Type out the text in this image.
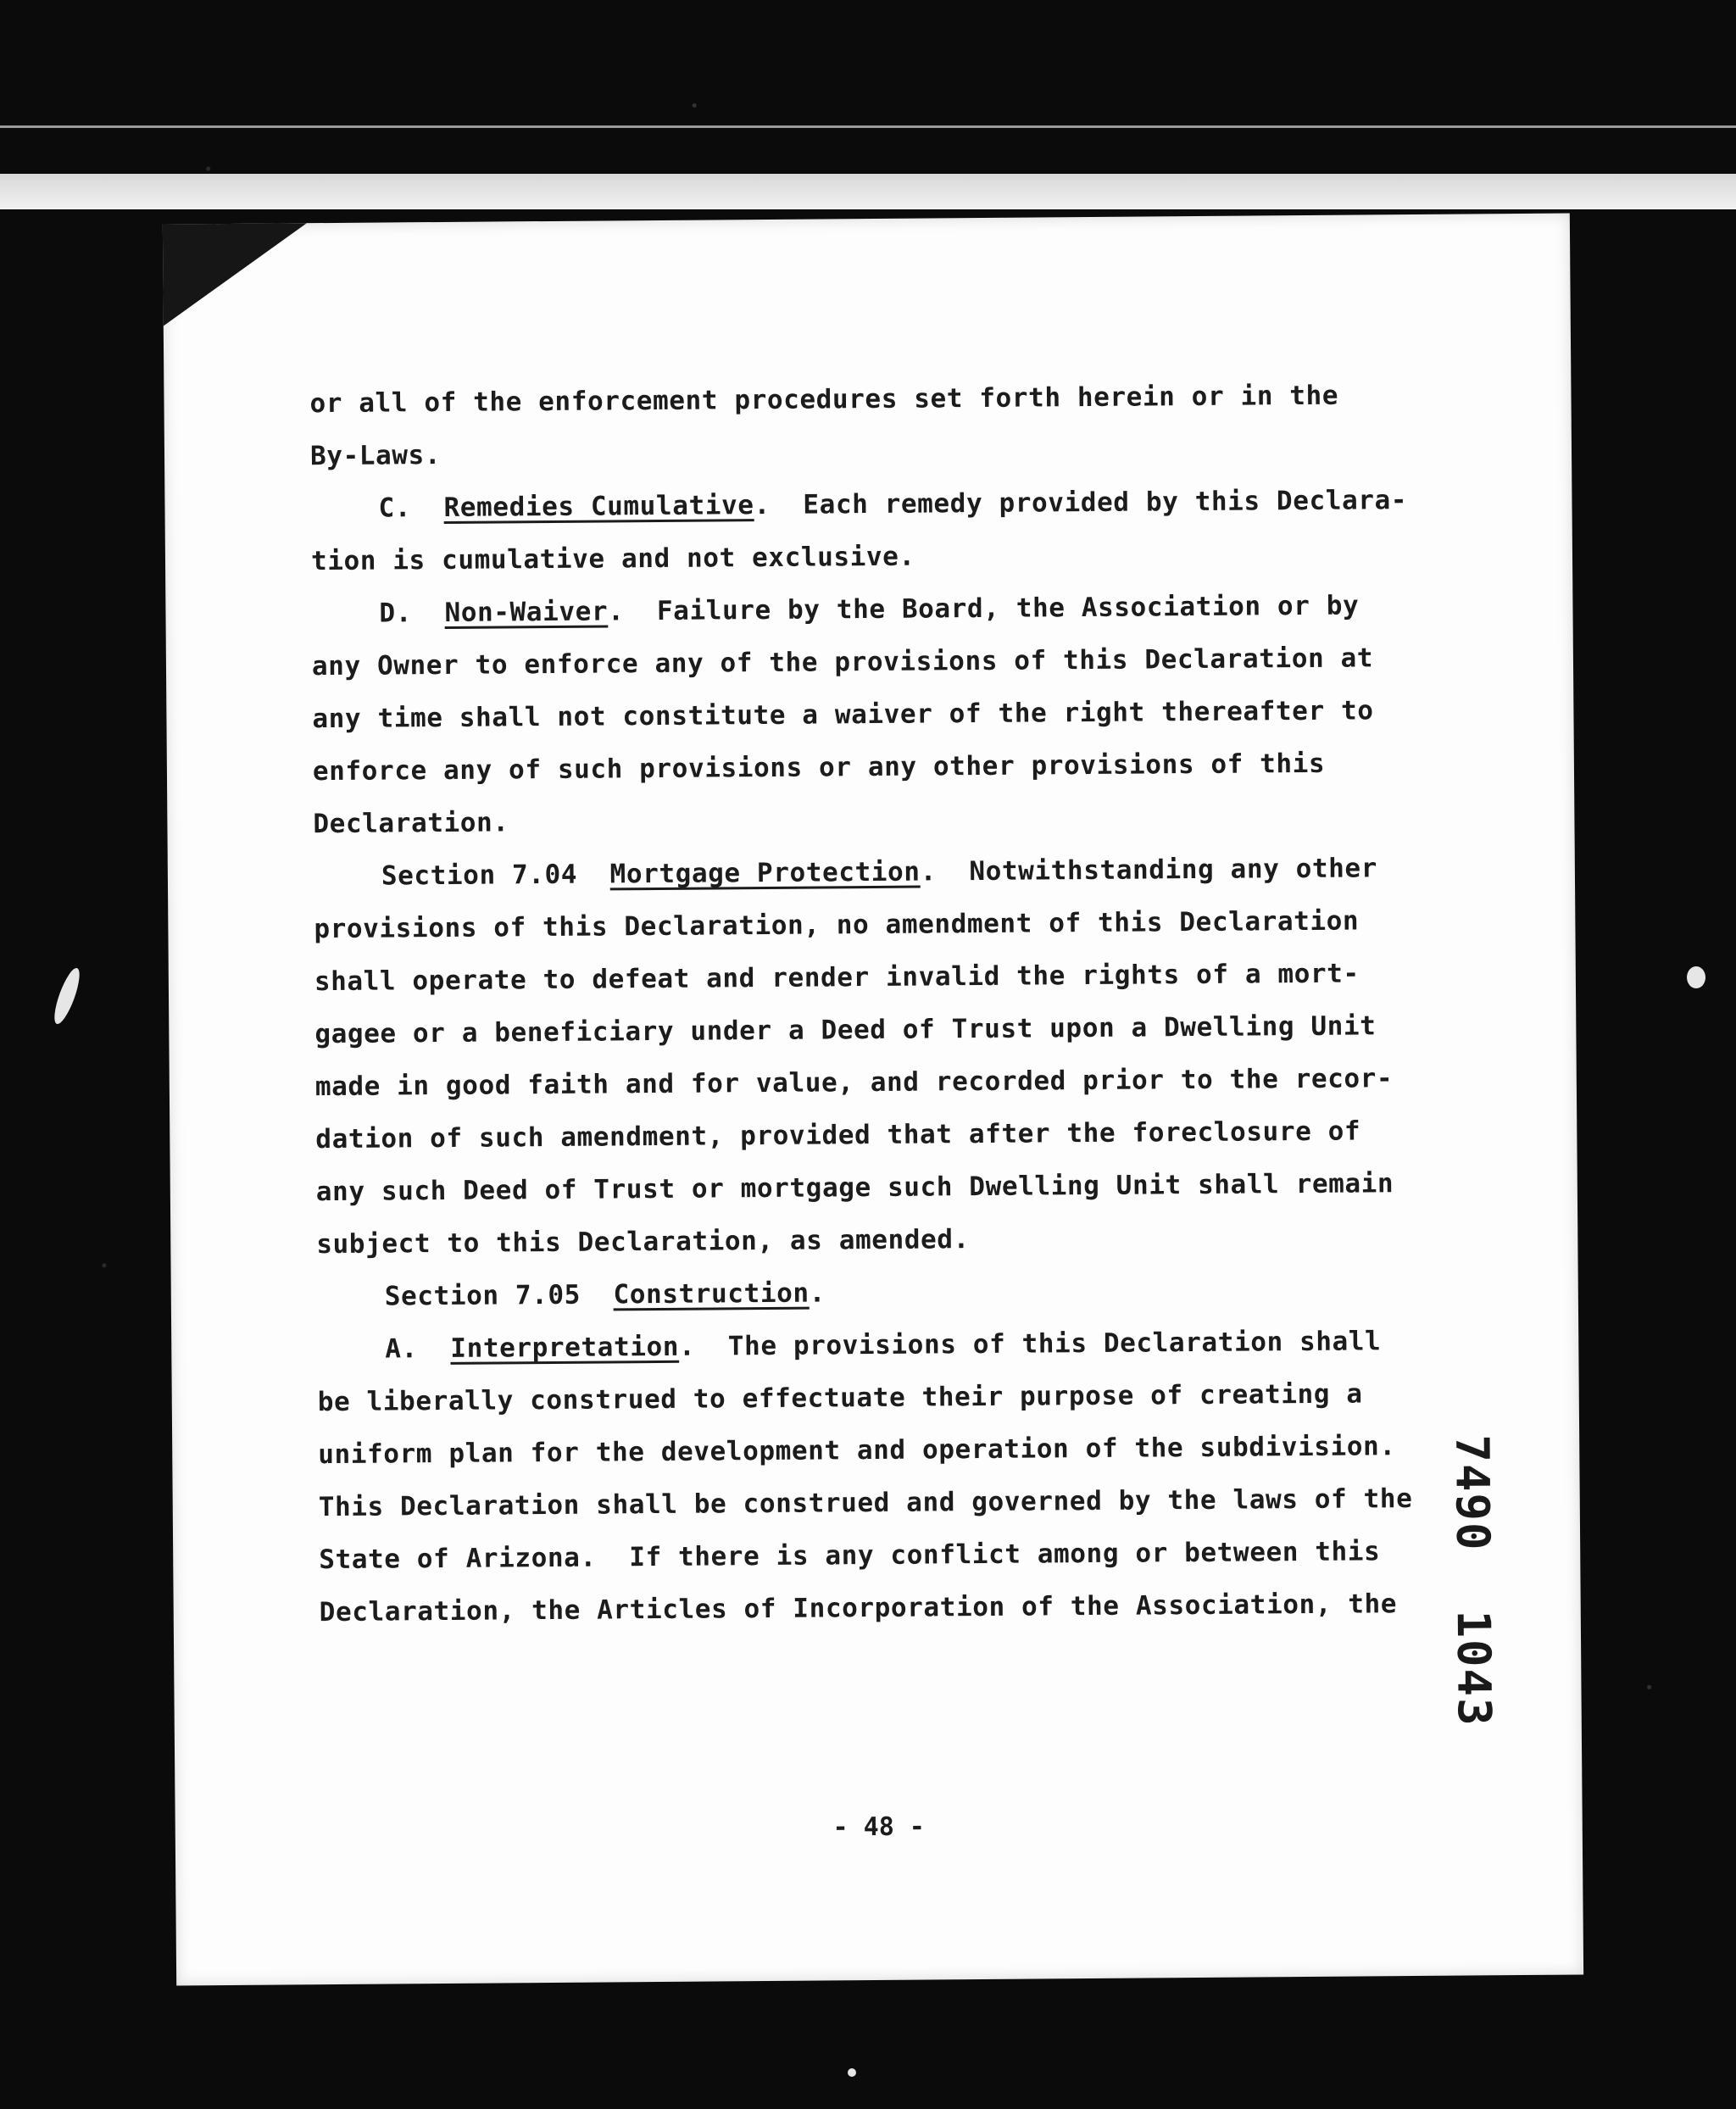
or all of the enforcement procedures set forth herein or in the
By-Laws.
C. Remedies Cumulative.  Each remedy provided by this Declara-
tion is cumulative and not exclusive.
D. Non-Waiver.  Failure by the Board, the Association or by
any Owner to enforce any of the provisions of this Declaration at
any time shall not constitute a waiver of the right thereafter to
enforce any of such provisions or any other provisions of this
Declaration.
Section 7.04 Mortgage Protection.  Notwithstanding any other
provisions of this Declaration, no amendment of this Declaration
shall operate to defeat and render invalid the rights of a mort-
gagee or a beneficiary under a Deed of Trust upon a Dwelling Unit
made in good faith and for value, and recorded prior to the recor-
dation of such amendment, provided that after the foreclosure of
any such Deed of Trust or mortgage such Dwelling Unit shall remain
subject to this Declaration, as amended.
Section 7.05 Construction.
A. Interpretation.  The provisions of this Declaration shall
be liberally construed to effectuate their purpose of creating a
uniform plan for the development and operation of the subdivision.
This Declaration shall be construed and governed by the laws of the
State of Arizona.  If there is any conflict among or between this
Declaration, the Articles of Incorporation of the Association, the
- 48 -
7490  1043
